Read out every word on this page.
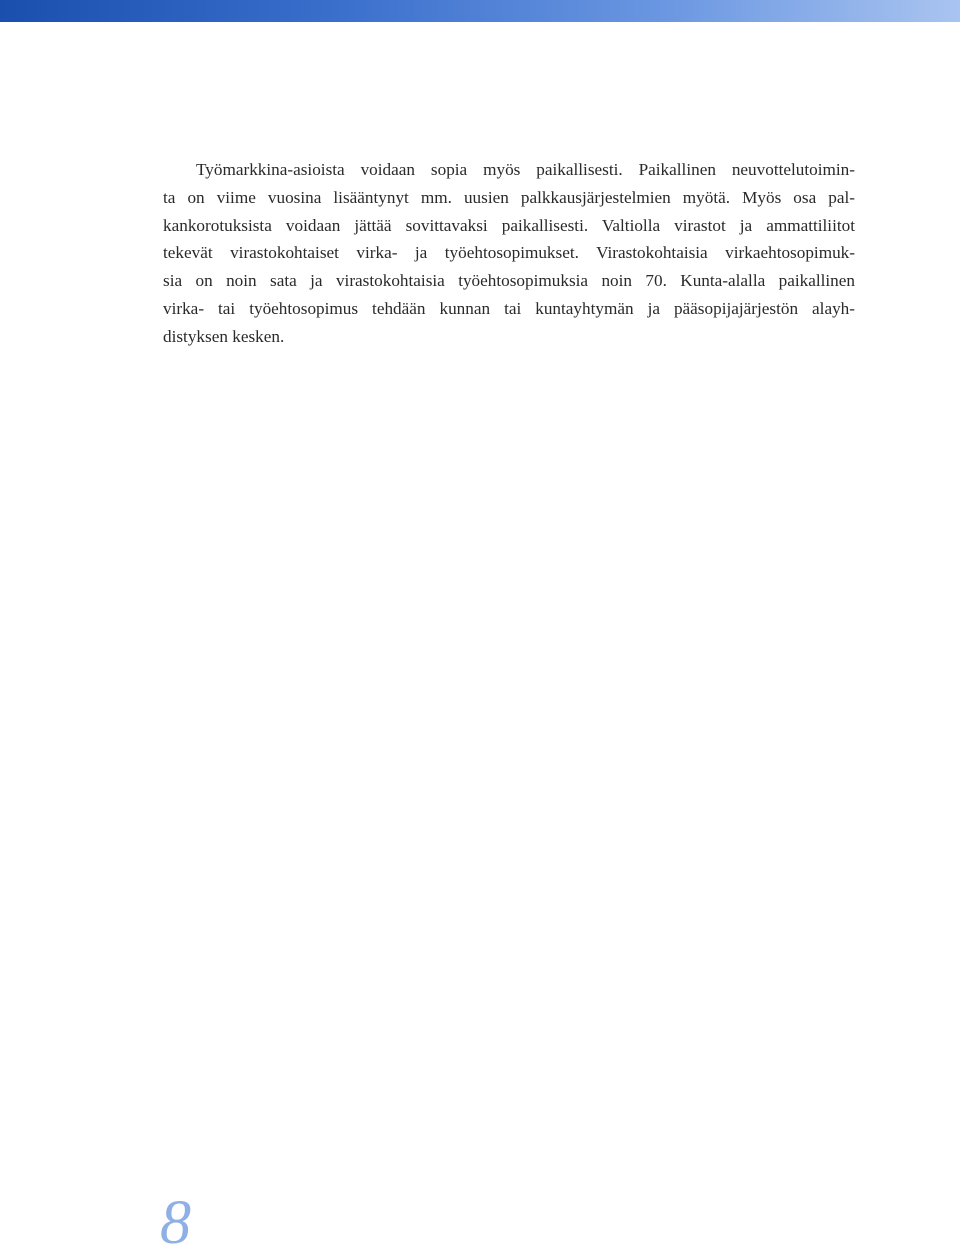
Työmarkkina-asioista voidaan sopia myös paikallisesti. Paikallinen neuvottelutoimin-
ta on viime vuosina lisääntynyt mm. uusien palkkausjärjestelmien myötä. Myös osa pal-
kankorotuksista voidaan jättää sovittavaksi paikallisesti. Valtiolla virastot ja ammattiliitot
tekevät virastokohtaiset virka- ja työehtosopimukset. Virastokohtaisia virkaehtosopimuk-
sia on noin sata ja virastokohtaisia työehtosopimuksia noin 70. Kunta-alalla paikallinen
virka- tai työehtosopimus tehdään kunnan tai kuntayhtymän ja pääsopijajärjestön alayh-
distyksen kesken.

8
